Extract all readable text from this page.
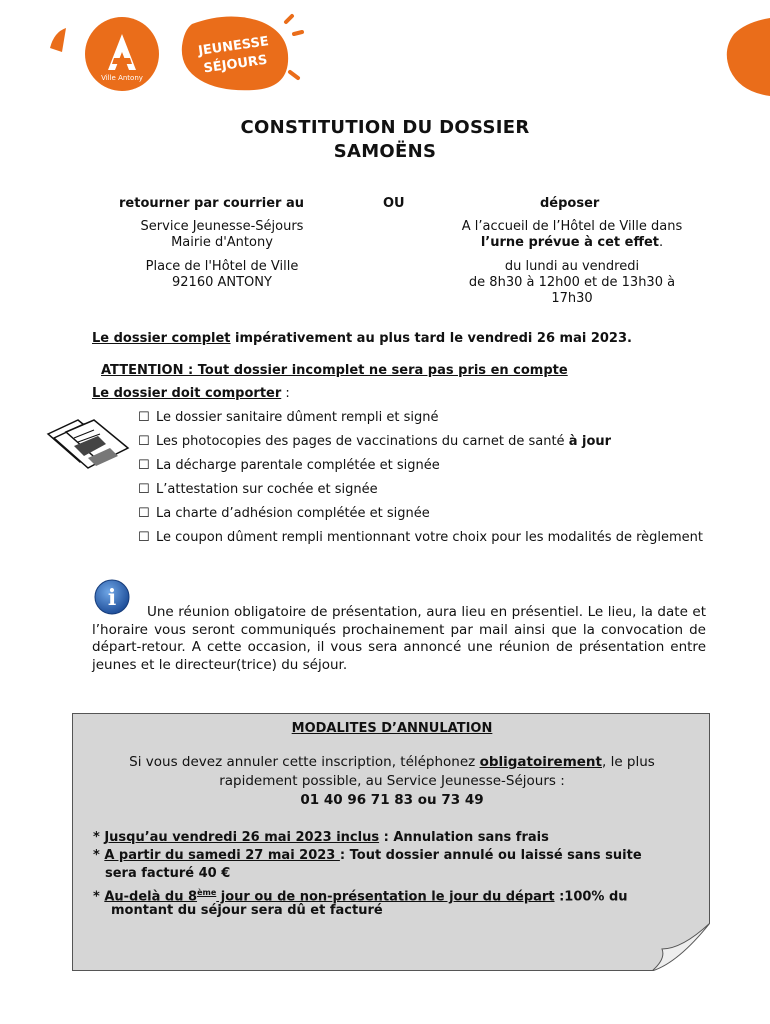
Ville Antony
JEUNESSE
SÉJOURS
CONSTITUTION DU DOSSIER
SAMOËNS
retourner par courrier au	OU	déposer
Service Jeunesse-Séjours
Mairie d'Antony
Place de l'Hôtel de Ville
92160 ANTONY
A l’accueil de l’Hôtel de Ville dans
l’urne prévue à cet effet.
du lundi au vendredi
de 8h30 à 12h00 et de 13h30 à
17h30
Le dossier complet impérativement au plus tard le vendredi 26 mai 2023.
ATTENTION : Tout dossier incomplet ne sera pas pris en compte
Le dossier doit comporter :
☐ Le dossier sanitaire dûment rempli et signé
☐ Les photocopies des pages de vaccinations du carnet de santé à jour
☐ La décharge parentale complétée et signée
☐ L’attestation sur cochée et signée
☐ La charte d’adhésion complétée et signée
☐ Le coupon dûment rempli mentionnant votre choix pour les modalités de règlement
i
Une réunion obligatoire de présentation, aura lieu en présentiel. Le lieu, la date et l’horaire vous seront communiqués prochainement par mail ainsi que la convocation de départ-retour. A cette occasion, il vous sera annoncé une réunion de présentation entre jeunes et le directeur(trice) du séjour.
MODALITES D’ANNULATION
Si vous devez annuler cette inscription, téléphonez obligatoirement, le plus
rapidement possible, au Service Jeunesse-Séjours :
01 40 96 71 83 ou 73 49
* Jusqu’au vendredi 26 mai 2023 inclus : Annulation sans frais
* A partir du samedi 27 mai 2023 : Tout dossier annulé ou laissé sans suite
sera facturé 40 €
* Au-delà du 8ème jour ou de non-présentation le jour du départ :100% du
montant du séjour sera dû et facturé
